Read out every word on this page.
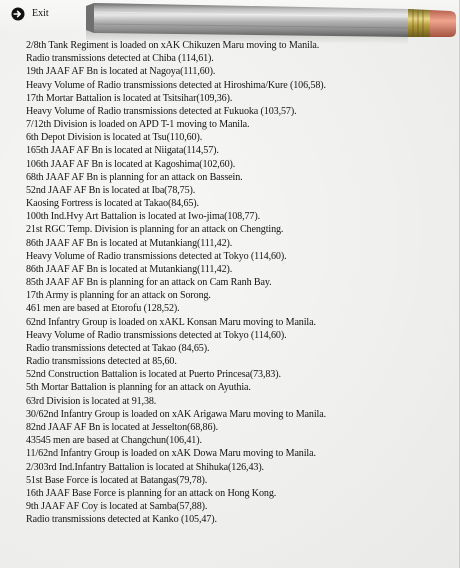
Exit
2/8th Tank Regiment is loaded on xAK Chikuzen Maru moving to Manila.
Radio transmissions detected at Chiba (114,61).
19th JAAF AF Bn is located at Nagoya(111,60).
Heavy Volume of Radio transmissions detected at Hiroshima/Kure (106,58).
17th Mortar Battalion is located at Tsitsihar(109,36).
Heavy Volume of Radio transmissions detected at Fukuoka (103,57).
7/12th Division is loaded on APD T-1 moving to Manila.
6th Depot Division is located at Tsu(110,60).
165th JAAF AF Bn is located at Niigata(114,57).
106th JAAF AF Bn is located at Kagoshima(102,60).
68th JAAF AF Bn is planning for an attack on Bassein.
52nd JAAF AF Bn is located at Iba(78,75).
Kaosing Fortress is located at Takao(84,65).
100th Ind.Hvy Art Battalion is located at Iwo-jima(108,77).
21st RGC Temp. Division is planning for an attack on Chengting.
86th JAAF AF Bn is located at Mutankiang(111,42).
Heavy Volume of Radio transmissions detected at Tokyo (114,60).
86th JAAF AF Bn is located at Mutankiang(111,42).
85th JAAF AF Bn is planning for an attack on Cam Ranh Bay.
17th Army is planning for an attack on Sorong.
461 men are based at Etorofu (128,52).
62nd Infantry Group is loaded on xAKL Konsan Maru moving to Manila.
Heavy Volume of Radio transmissions detected at Tokyo (114,60).
Radio transmissions detected at Takao (84,65).
Radio transmissions detected at 85,60.
52nd Construction Battalion is located at Puerto Princesa(73,83).
5th Mortar Battalion is planning for an attack on Ayuthia.
63rd Division is located at 91,38.
30/62nd Infantry Group is loaded on xAK Arigawa Maru moving to Manila.
82nd JAAF AF Bn is located at Jesselton(68,86).
43545 men are based at Changchun(106,41).
11/62nd Infantry Group is loaded on xAK Dowa Maru moving to Manila.
2/303rd Ind.Infantry Battalion is located at Shihuka(126,43).
51st Base Force is located at Batangas(79,78).
16th JAAF Base Force is planning for an attack on Hong Kong.
9th JAAF AF Coy is located at Samba(57,88).
Radio transmissions detected at Kanko (105,47).
